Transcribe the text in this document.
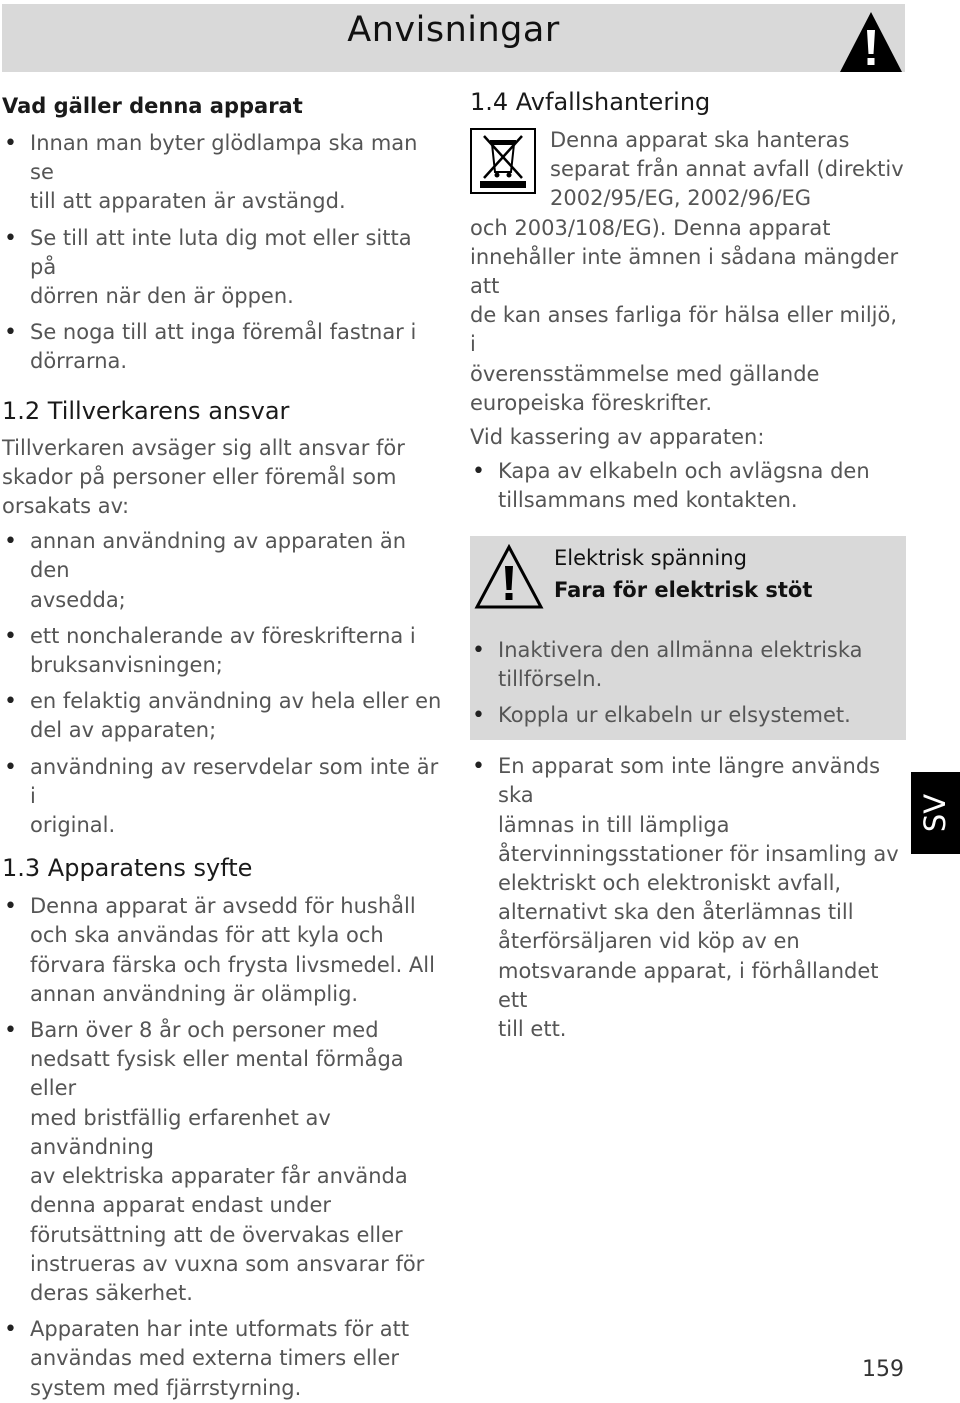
Anvisningar
Vad gäller denna apparat
• Innan man byter glödlampa ska man se
till att apparaten är avstängd.
• Se till att inte luta dig mot eller sitta på
dörren när den är öppen.
• Se noga till att inga föremål fastnar i
dörrarna.
1.2 Tillverkarens ansvar

Tillverkaren avsäger sig allt ansvar för
skador på personer eller föremål som
orsakats av:

• annan användning av apparaten än den
avsedda;
• ett nonchalerande av föreskrifterna i
bruksanvisningen;
• en felaktig användning av hela eller en
del av apparaten;
• användning av reservdelar som inte är i
original.
1.3 Apparatens syfte
• Denna apparat är avsedd för hushåll
och ska användas för att kyla och
förvara färska och frysta livsmedel. All
annan användning är olämplig.
• Barn över 8 år och personer med
nedsatt fysisk eller mental förmåga eller
med bristfällig erfarenhet av användning
av elektriska apparater får använda
denna apparat endast under
förutsättning att de övervakas eller
instrueras av vuxna som ansvarar för
deras säkerhet.
• Apparaten har inte utformats för att
användas med externa timers eller
system med fjärrstyrning.
1.4 Avfallshantering

Denna apparat ska hanteras
separat från annat avfall (direktiv
2002/95/EG, 2002/96/EG

och 2003/108/EG). Denna apparat
innehåller inte ämnen i sådana mängder att
de kan anses farliga för hälsa eller miljö, i
överensstämmelse med gällande
europeiska föreskrifter.

Vid kassering av apparaten:

• Kapa av elkabeln och avlägsna den
tillsammans med kontakten.
Elektrisk spänning
Fara för elektrisk stöt
• Inaktivera den allmänna elektriska
tillförseln.
• Koppla ur elkabeln ur elsystemet.
• En apparat som inte längre används ska
lämnas in till lämpliga
återvinningsstationer för insamling av
elektriskt och elektroniskt avfall,
alternativt ska den återlämnas till
återförsäljaren vid köp av en
motsvarande apparat, i förhållandet ett
till ett.
SV
159
